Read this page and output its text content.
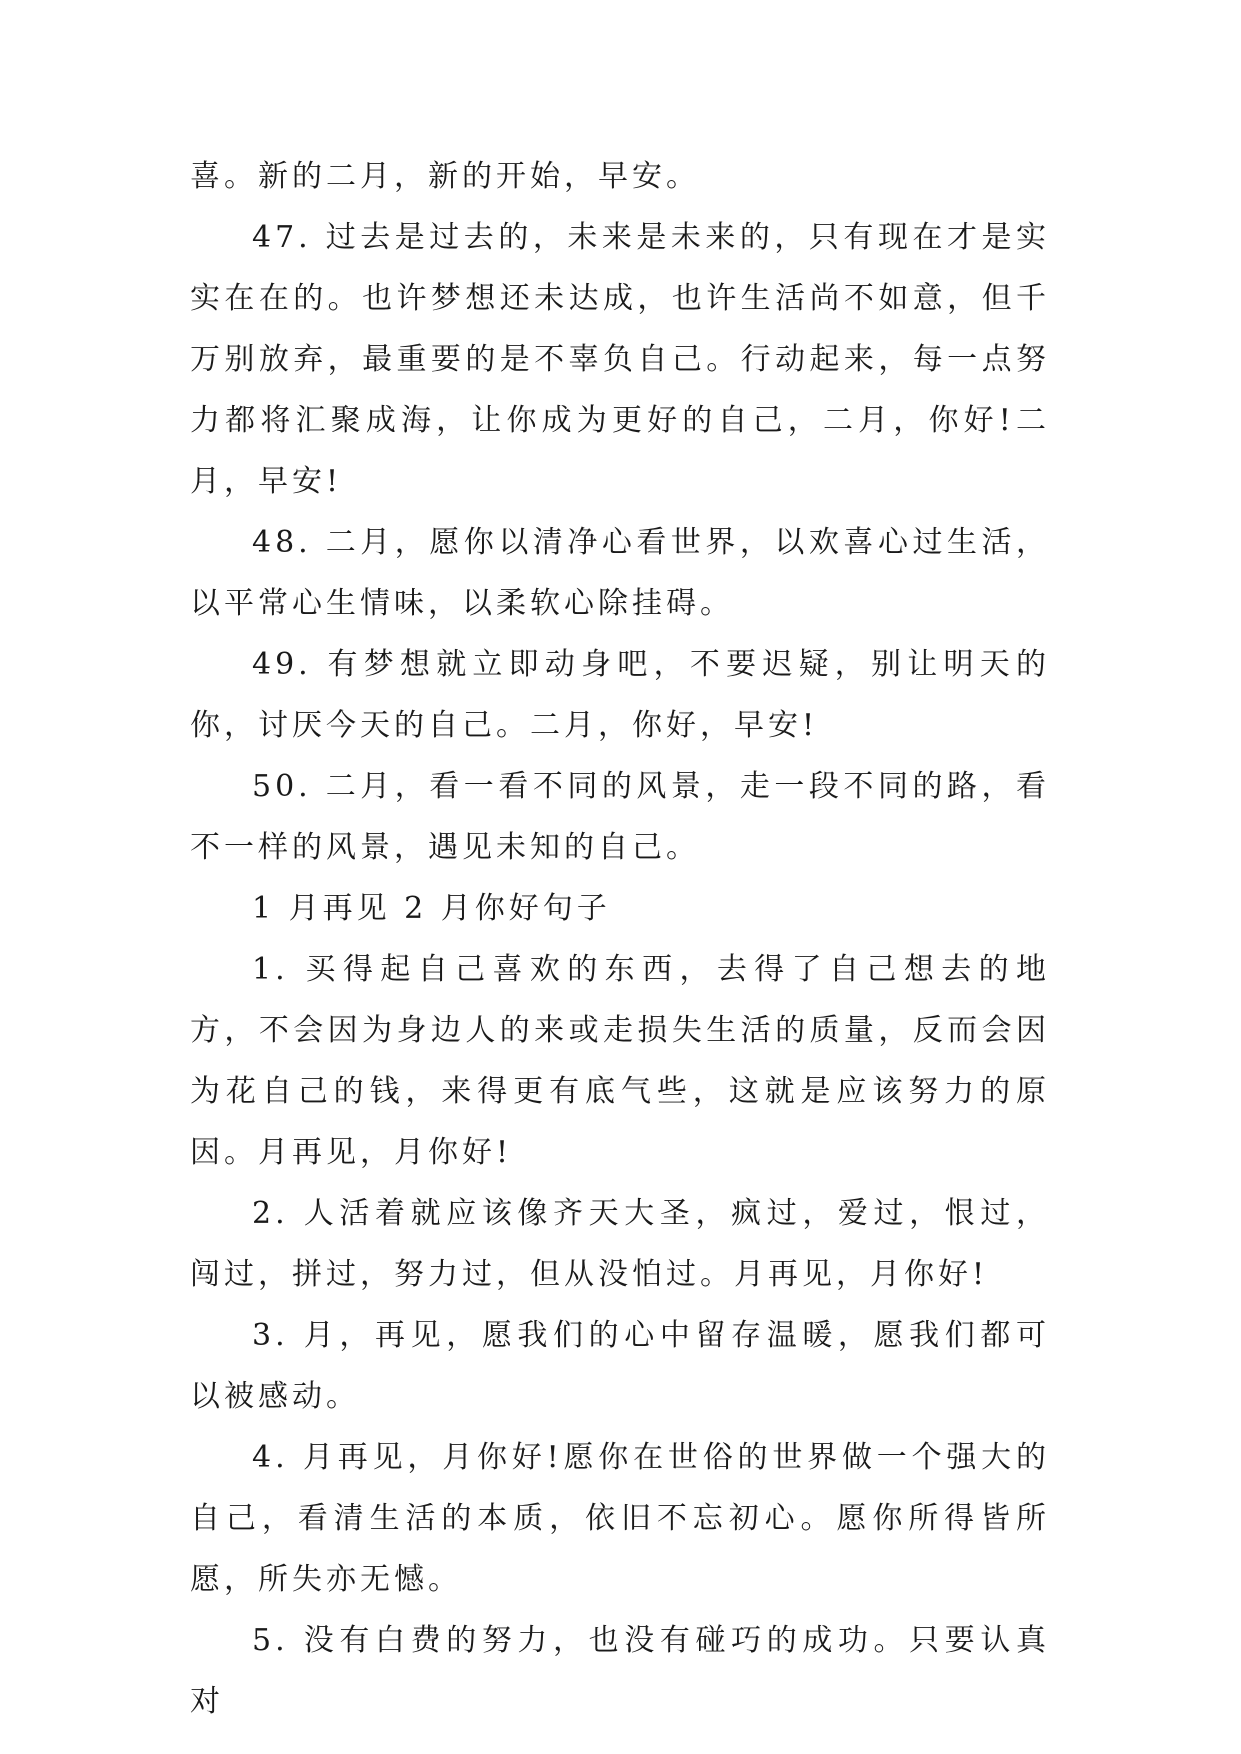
喜。新的二月，新的开始，早安。

47. 过去是过去的，未来是未来的，只有现在才是实实在在的。也许梦想还未达成，也许生活尚不如意，但千万别放弃，最重要的是不辜负自己。行动起来，每一点努力都将汇聚成海，让你成为更好的自己，二月，你好!二月，早安!

48. 二月，愿你以清净心看世界，以欢喜心过生活，以平常心生情味，以柔软心除挂碍。

49. 有梦想就立即动身吧，不要迟疑，别让明天的你，讨厌今天的自己。二月，你好，早安!

50. 二月，看一看不同的风景，走一段不同的路，看不一样的风景，遇见未知的自己。

1 月再见 2 月你好句子

1. 买得起自己喜欢的东西，去得了自己想去的地方，不会因为身边人的来或走损失生活的质量，反而会因为花自己的钱，来得更有底气些，这就是应该努力的原因。月再见，月你好!

2. 人活着就应该像齐天大圣，疯过，爱过，恨过，闯过，拼过，努力过，但从没怕过。月再见，月你好!

3. 月，再见，愿我们的心中留存温暖，愿我们都可以被感动。

4. 月再见，月你好!愿你在世俗的世界做一个强大的自己，看清生活的本质，依旧不忘初心。愿你所得皆所愿，所失亦无憾。

5. 没有白费的努力，也没有碰巧的成功。只要认真对
